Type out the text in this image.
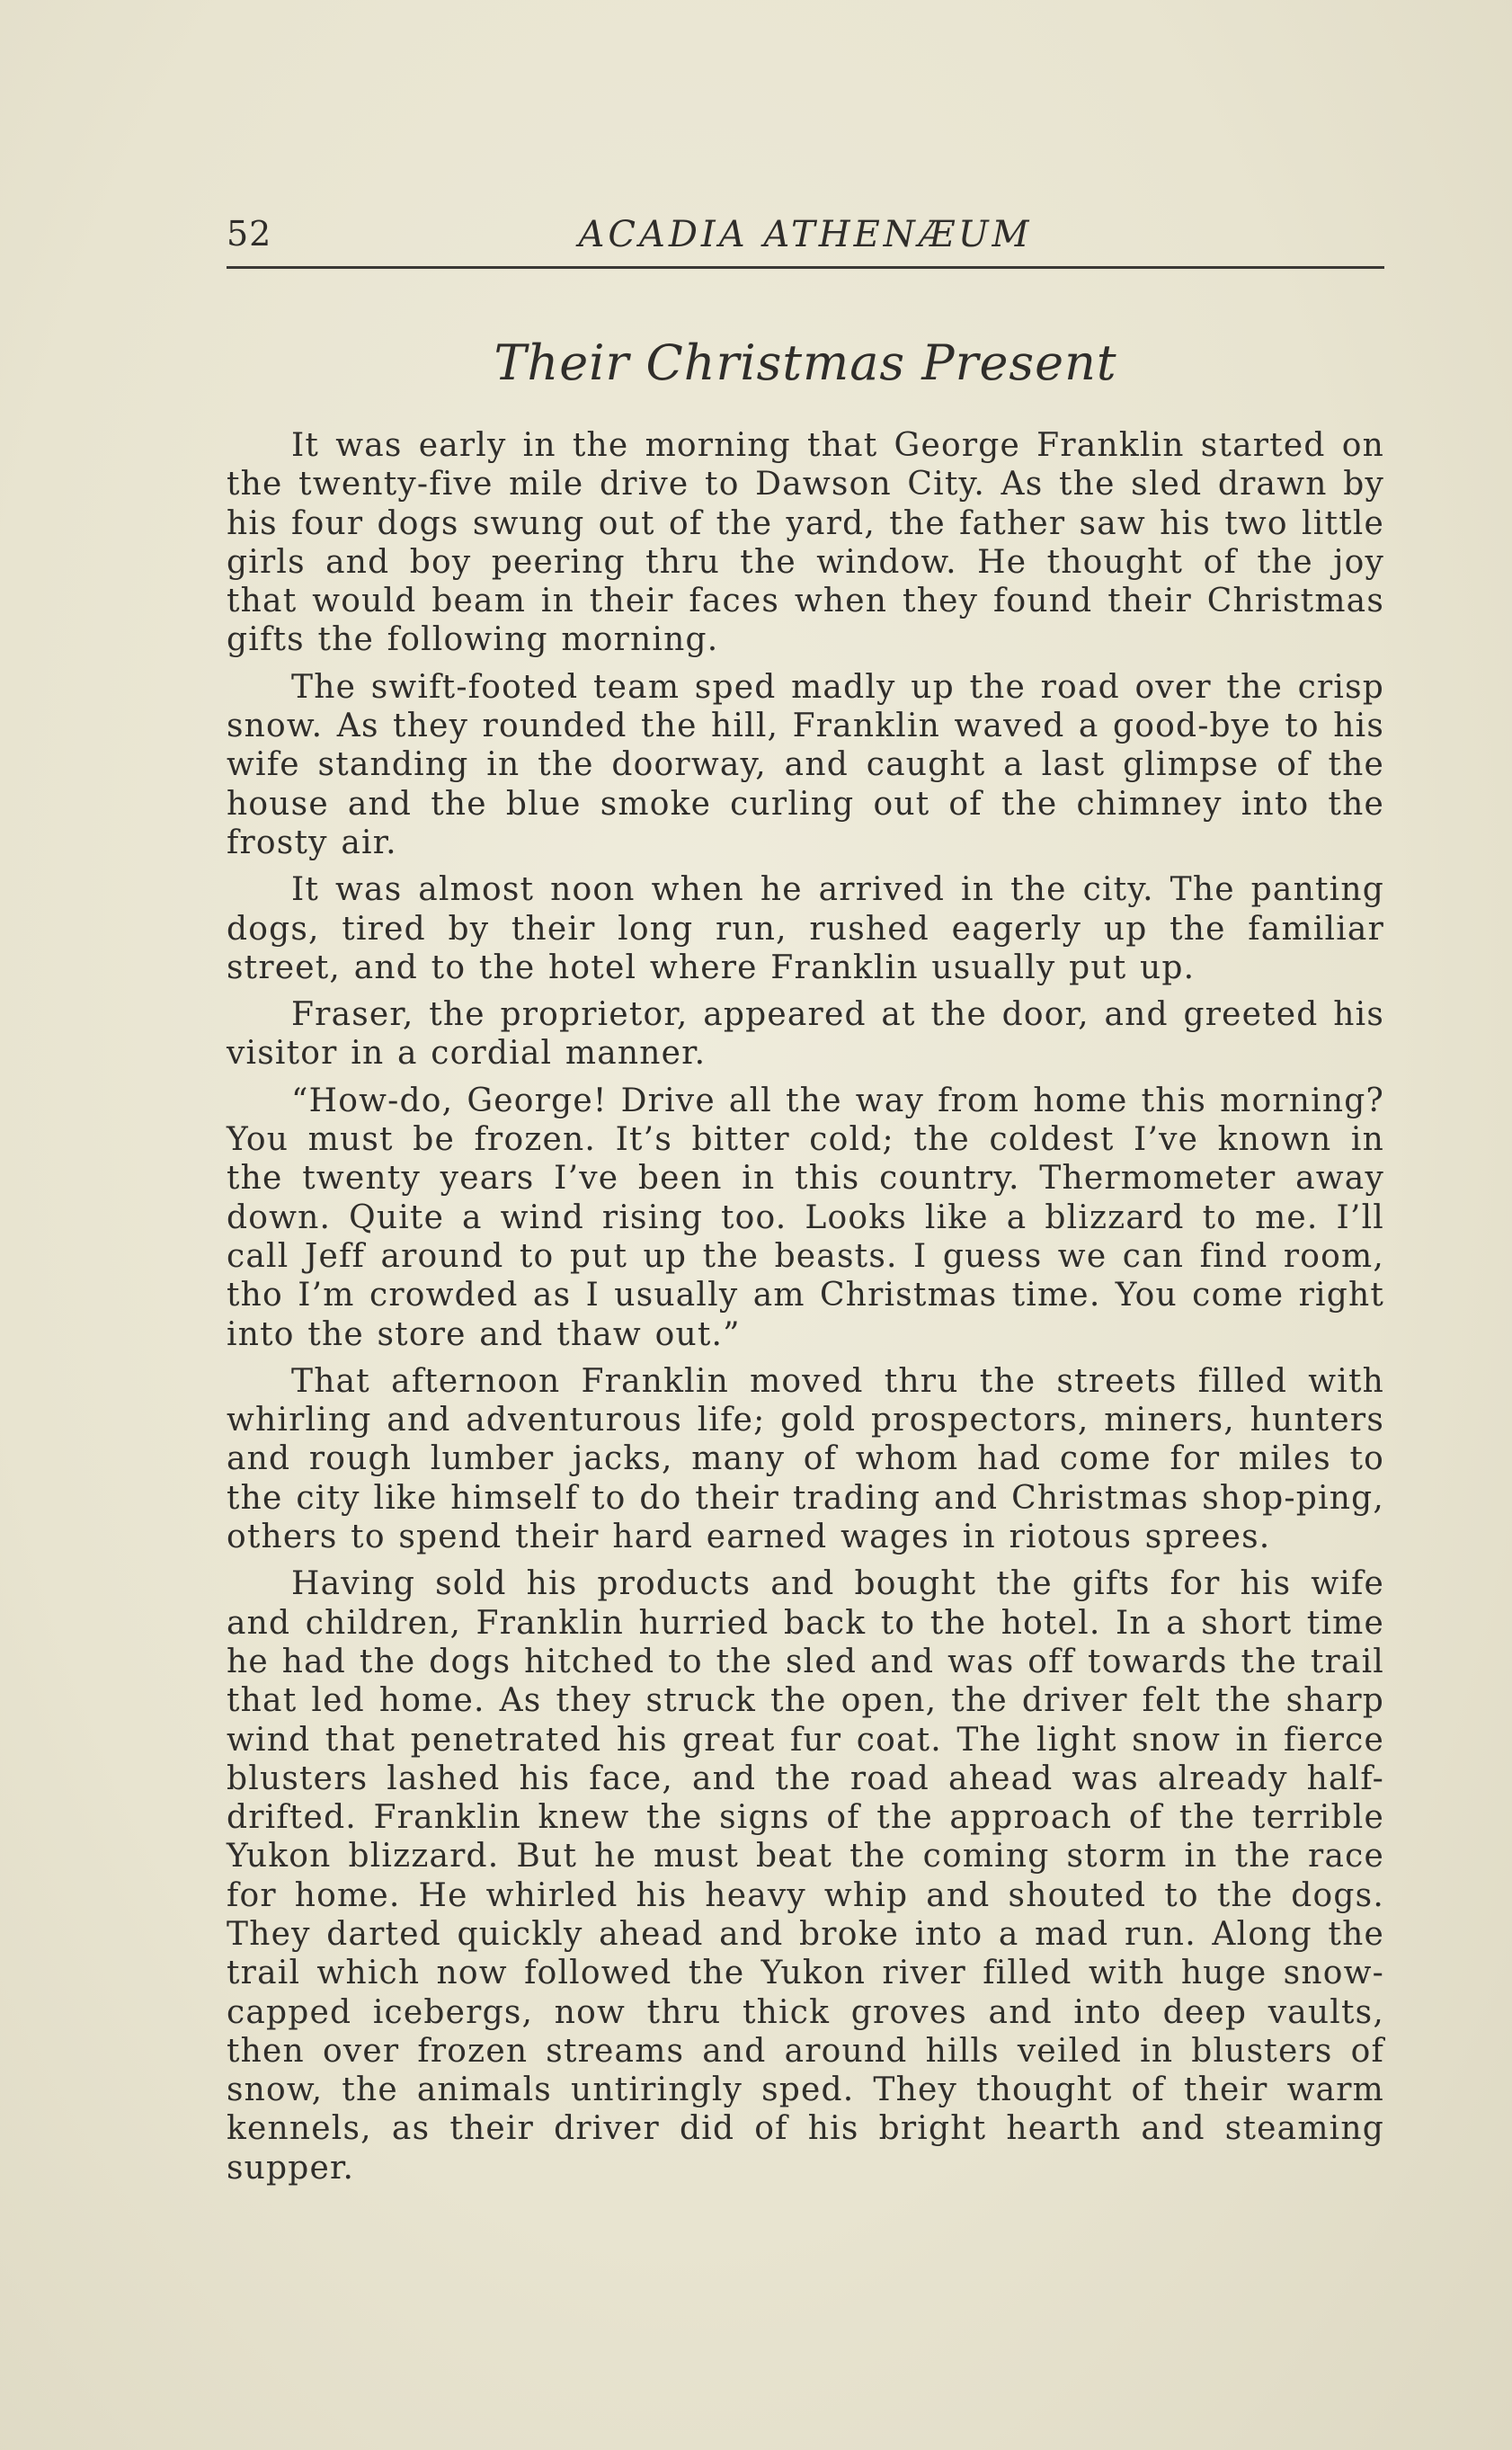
52	ACADIA ATHENÆUM
Their Christmas Present

It was early in the morning that George Franklin started on the twenty-five mile drive to Dawson City. As the sled drawn by his four dogs swung out of the yard, the father saw his two little girls and boy peering thru the window. He thought of the joy that would beam in their faces when they found their Christmas gifts the following morning.

The swift-footed team sped madly up the road over the crisp snow. As they rounded the hill, Franklin waved a good-bye to his wife standing in the doorway, and caught a last glimpse of the house and the blue smoke curling out of the chimney into the frosty air.

It was almost noon when he arrived in the city. The panting dogs, tired by their long run, rushed eagerly up the familiar street, and to the hotel where Franklin usually put up.

Fraser, the proprietor, appeared at the door, and greeted his visitor in a cordial manner.

“How-do, George! Drive all the way from home this morning? You must be frozen. It’s bitter cold; the coldest I’ve known in the twenty years I’ve been in this country. Thermometer away down. Quite a wind rising too. Looks like a blizzard to me. I’ll call Jeff around to put up the beasts. I guess we can find room, tho I’m crowded as I usually am Christmas time. You come right into the store and thaw out.”

That afternoon Franklin moved thru the streets filled with whirling and adventurous life; gold prospectors, miners, hunters and rough lumber jacks, many of whom had come for miles to the city like himself to do their trading and Christmas shop-ping, others to spend their hard earned wages in riotous sprees.

Having sold his products and bought the gifts for his wife and children, Franklin hurried back to the hotel. In a short time he had the dogs hitched to the sled and was off towards the trail that led home. As they struck the open, the driver felt the sharp wind that penetrated his great fur coat. The light snow in fierce blusters lashed his face, and the road ahead was already half-drifted. Franklin knew the signs of the approach of the terrible Yukon blizzard. But he must beat the coming storm in the race for home. He whirled his heavy whip and shouted to the dogs. They darted quickly ahead and broke into a mad run. Along the trail which now followed the Yukon river filled with huge snow-capped icebergs, now thru thick groves and into deep vaults, then over frozen streams and around hills veiled in blusters of snow, the animals untiringly sped. They thought of their warm kennels, as their driver did of his bright hearth and steaming supper.
